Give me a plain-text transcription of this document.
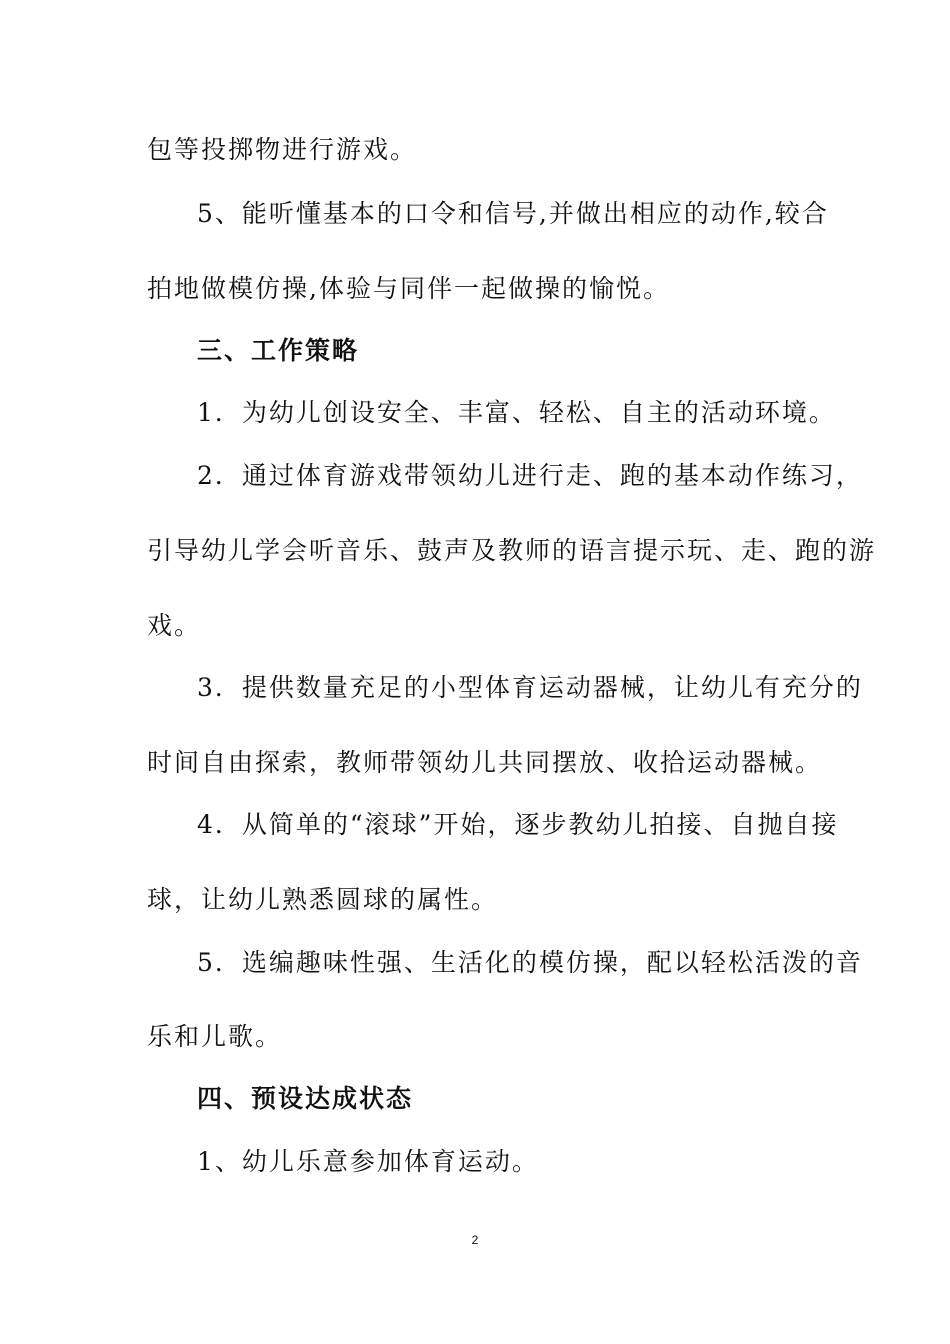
包等投掷物进行游戏。
5、能听懂基本的口令和信号,并做出相应的动作,较合
拍地做模仿操,体验与同伴一起做操的愉悦。
三、工作策略
1．为幼儿创设安全、丰富、轻松、自主的活动环境。
2．通过体育游戏带领幼儿进行走、跑的基本动作练习，
引导幼儿学会听音乐、鼓声及教师的语言提示玩、走、跑的游
戏。
3．提供数量充足的小型体育运动器械，让幼儿有充分的
时间自由探索，教师带领幼儿共同摆放、收拾运动器械。
4．从简单的“滚球”开始，逐步教幼儿拍接、自抛自接
球，让幼儿熟悉圆球的属性。
5．选编趣味性强、生活化的模仿操，配以轻松活泼的音
乐和儿歌。
四、预设达成状态
1、幼儿乐意参加体育运动。
2
